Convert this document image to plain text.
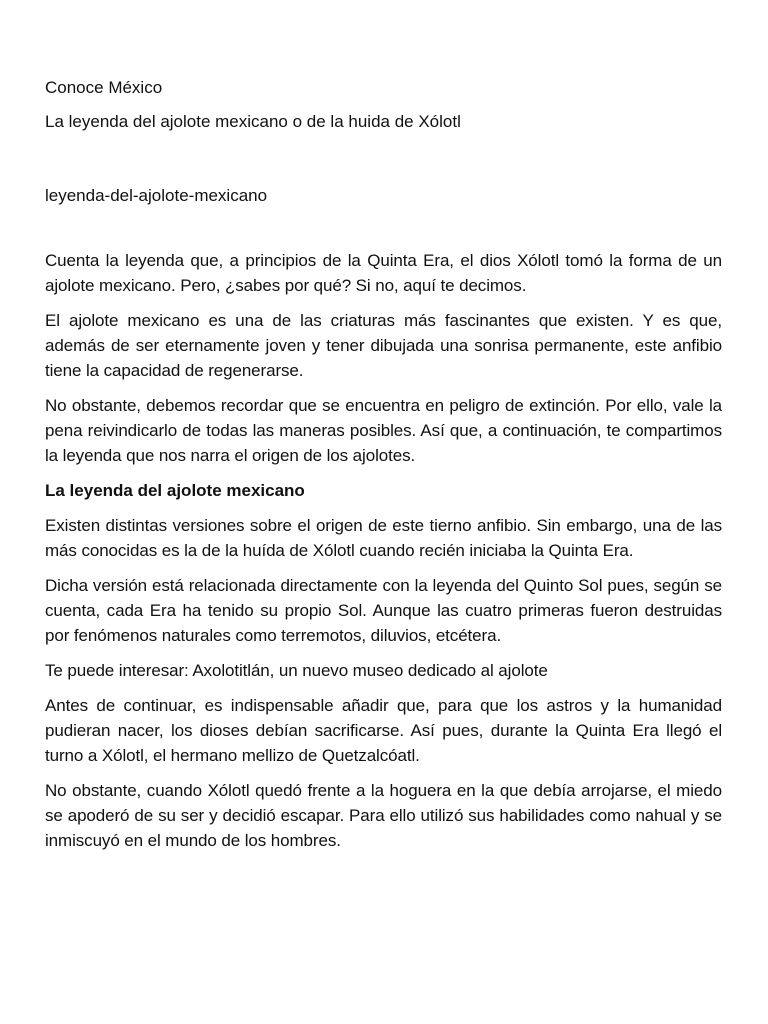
Conoce México

La leyenda del ajolote mexicano o de la huida de Xólotl

leyenda-del-ajolote-mexicano

Cuenta la leyenda que, a principios de la Quinta Era, el dios Xólotl tomó la forma de un ajolote mexicano. Pero, ¿sabes por qué? Si no, aquí te decimos.

El ajolote mexicano es una de las criaturas más fascinantes que existen. Y es que, además de ser eternamente joven y tener dibujada una sonrisa permanente, este anfibio tiene la capacidad de regenerarse.

No obstante, debemos recordar que se encuentra en peligro de extinción. Por ello, vale la pena reivindicarlo de todas las maneras posibles. Así que, a continuación, te compartimos la leyenda que nos narra el origen de los ajolotes.

La leyenda del ajolote mexicano

Existen distintas versiones sobre el origen de este tierno anfibio. Sin embargo, una de las más conocidas es la de la huída de Xólotl cuando recién iniciaba la Quinta Era.

Dicha versión está relacionada directamente con la leyenda del Quinto Sol pues, según se cuenta, cada Era ha tenido su propio Sol. Aunque las cuatro primeras fueron destruidas por fenómenos naturales como terremotos, diluvios, etcétera.

Te puede interesar: Axolotitlán, un nuevo museo dedicado al ajolote

Antes de continuar, es indispensable añadir que, para que los astros y la humanidad pudieran nacer, los dioses debían sacrificarse. Así pues, durante la Quinta Era llegó el turno a Xólotl, el hermano mellizo de Quetzalcóatl.

No obstante, cuando Xólotl quedó frente a la hoguera en la que debía arrojarse, el miedo se apoderó de su ser y decidió escapar. Para ello utilizó sus habilidades como nahual y se inmiscuyó en el mundo de los hombres.
